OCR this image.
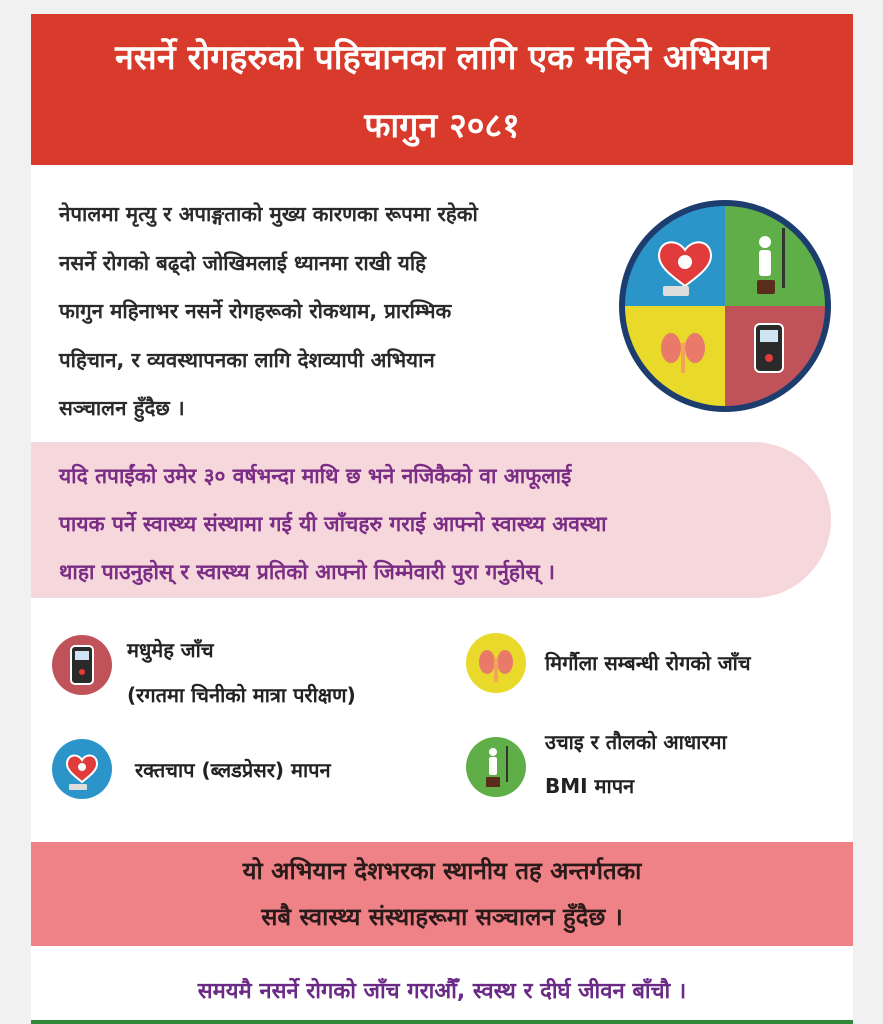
नसर्ने रोगहरुको पहिचानका लागि एक महिने अभियान
फागुन २०८१
नेपालमा मृत्यु र अपाङ्गताको मुख्य कारणका रूपमा रहेको
नसर्ने रोगको बढ्दो जोखिमलाई ध्यानमा राखी यहि
फागुन महिनाभर नसर्ने रोगहरूको रोकथाम, प्रारम्भिक
पहिचान, र व्यवस्थापनका लागि देशव्यापी अभियान
सञ्चालन हुँदैछ ।
यदि तपाईंको उमेर ३० वर्षभन्दा माथि छ भने नजिकैको वा आफूलाई
पायक पर्ने स्वास्थ्य संस्थामा गई यी जाँचहरु गराई आफ्नो स्वास्थ्य अवस्था
थाहा पाउनुहोस् र स्वास्थ्य प्रतिको आफ्नो जिम्मेवारी पुरा गर्नुहोस् ।
मधुमेह जाँच
(रगतमा चिनीको मात्रा परीक्षण)
मिर्गौला सम्बन्धी रोगको जाँच
रक्तचाप (ब्लडप्रेसर) मापन
उचाइ र तौलको आधारमा
BMI मापन
यो अभियान देशभरका स्थानीय तह अन्तर्गतका
सबै स्वास्थ्य संस्थाहरूमा सञ्चालन हुँदैछ ।
समयमै नसर्ने रोगको जाँच गराऔँ, स्वस्थ र दीर्घ जीवन बाँचौ ।
